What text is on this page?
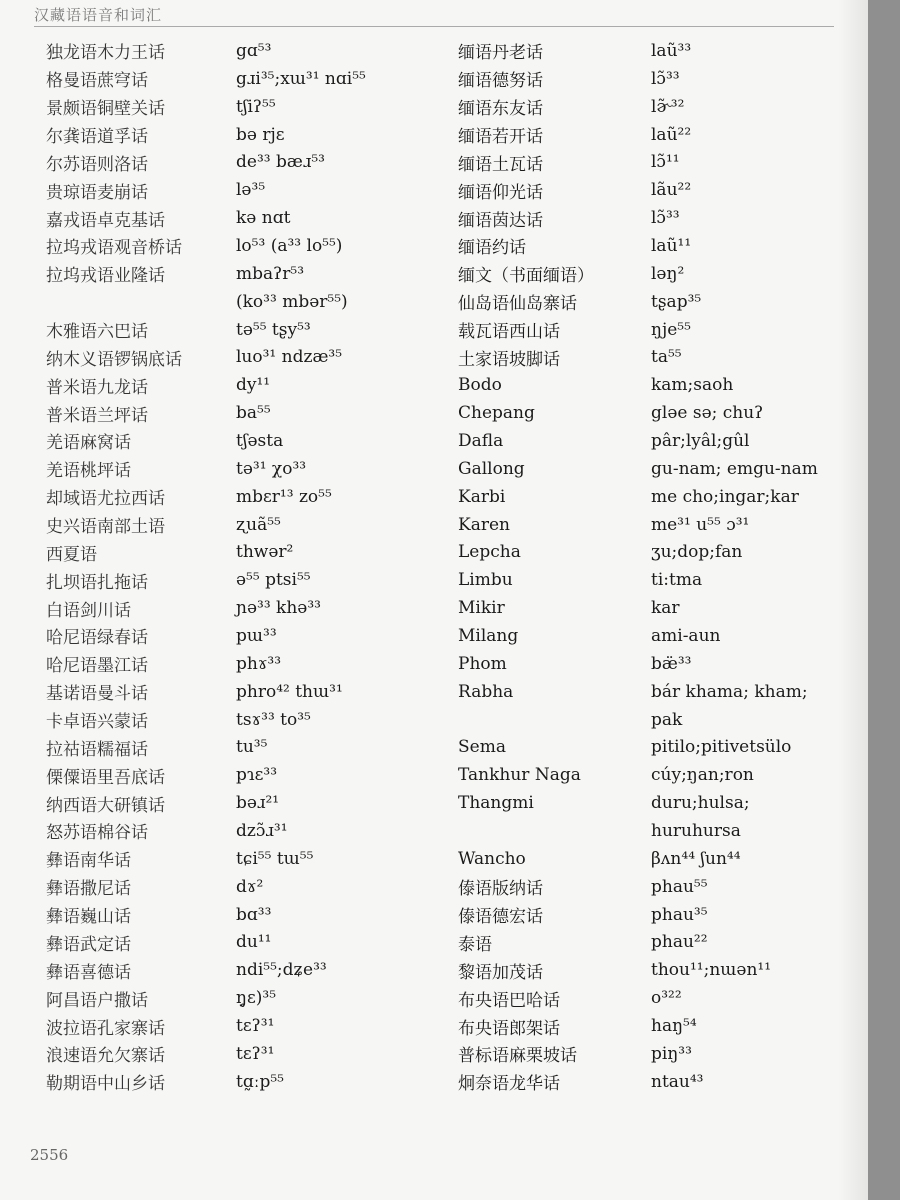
汉藏语语音和词汇
独龙语木力王话	gɑ⁵³
格曼语蔗穹话	gɹi³⁵;xɯ³¹ nɑi⁵⁵
景颇语铜壁关话	tʃiʔ⁵⁵
尔龚语道孚话	bə rjɛ
尔苏语则洛话	de³³ bæɹ⁵³
贵琼语麦崩话	lə³⁵
嘉戎语卓克基话	kə nɑt
拉坞戎语观音桥话	lo⁵³ (a³³ lo⁵⁵)
拉坞戎语业隆话	mbaʔr⁵³
(ko³³ mbər⁵⁵)
木雅语六巴话	tə⁵⁵ tʂy⁵³
纳木义语锣锅底话	luo³¹ ndzæ³⁵
普米语九龙话	dy¹¹
普米语兰坪话	ba⁵⁵
羌语麻窝话	tʃəsta
羌语桃坪话	tə³¹ χo³³
却域语尤拉西话	mbɛr¹³ zo⁵⁵
史兴语南部土语	ʐuã⁵⁵
西夏语	thwər²
扎坝语扎拖话	ə⁵⁵ ptsi⁵⁵
白语剑川话	ɲə³³ khə³³
哈尼语绿春话	pɯ³³
哈尼语墨江话	phɤ³³
基诺语曼斗话	phro⁴² thɯ³¹
卡卓语兴蒙话	tsɤ³³ to³⁵
拉祜语糯福话	tu³⁵
傈僳语里吾底话	pɿɛ³³
纳西语大研镇话	bəɹ²¹
怒苏语棉谷话	dzɔ̃ɹ³¹
彝语南华话	tɕi⁵⁵ tɯ⁵⁵
彝语撒尼话	dɤ²
彝语巍山话	bɑ³³
彝语武定话	du¹¹
彝语喜德话	ndi⁵⁵;dʑe³³
阿昌语户撒话	ŋ̥ɛ)³⁵
波拉语孔家寨话	tɛʔ³¹
浪速语允欠寨话	tɛʔ³¹
勒期语中山乡话	tɑ̰ːp⁵⁵
缅语丹老话	laũ³³
缅语德努话	lɔ̃³³
缅语东友话	lɚ̃³²
缅语若开话	laũ²²
缅语土瓦话	lɔ̃¹¹
缅语仰光话	lãu²²
缅语茵达话	lɔ̃³³
缅语约话	laũ¹¹
缅文（书面缅语）	ləŋ²
仙岛语仙岛寨话	tʂap³⁵
载瓦语西山话	ŋje⁵⁵
土家语坡脚话	ta⁵⁵
Bodo	kam;saoh
Chepang	gləe sə; chuʔ
Dafla	pâr;lyâl;gûl
Gallong	gu-nam; emgu-nam
Karbi	me cho;ingar;kar
Karen	me³¹ u⁵⁵ ɔ³¹
Lepcha	ʒu;dop;fan
Limbu	ti:tma
Mikir	kar
Milang	ami-aun
Phom	bæ̈³³
Rabha	bár khama; kham;
pak
Sema	pitilo;pitivetsülo
Tankhur Naga	cúy;ŋan;ron
Thangmi	duru;hulsa;
huruhursa
Wancho	βʌn⁴⁴ ʃun⁴⁴
傣语版纳话	phau⁵⁵
傣语德宏话	phau³⁵
泰语	phau²²
黎语加茂话	thou¹¹;nɯən¹¹
布央语巴哈话	o³²²
布央语郎架话	haŋ⁵⁴
普标语麻栗坡话	piŋ³³
炯奈语龙华话	ntau⁴³
2556
